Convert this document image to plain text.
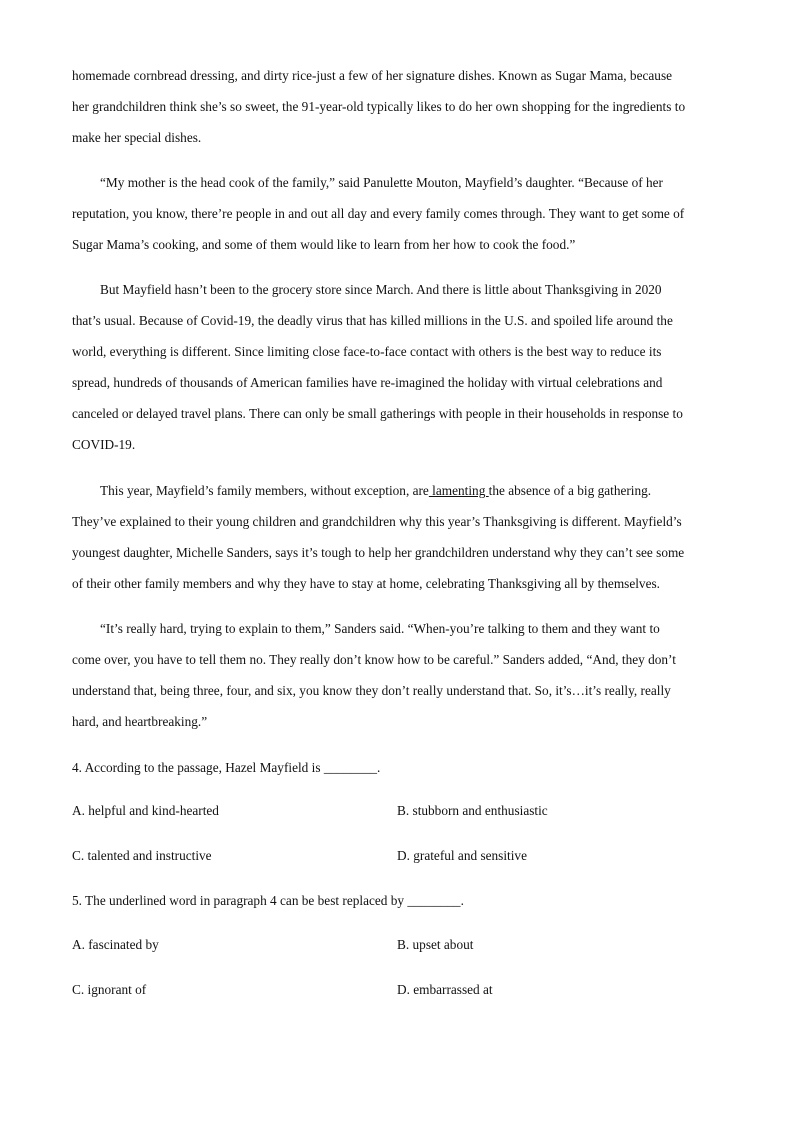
homemade cornbread dressing, and dirty rice-just a few of her signature dishes. Known as Sugar Mama, because
her grandchildren think she’s so sweet, the 91-year-old typically likes to do her own shopping for the ingredients to
make her special dishes.

“My mother is the head cook of the family,” said Panulette Mouton, Mayfield’s daughter. “Because of her
reputation, you know, there’re people in and out all day and every family comes through. They want to get some of
Sugar Mama’s cooking, and some of them would like to learn from her how to cook the food.”

But Mayfield hasn’t been to the grocery store since March. And there is little about Thanksgiving in 2020
that’s usual. Because of Covid-19, the deadly virus that has killed millions in the U.S. and spoiled life around the
world, everything is different. Since limiting close face-to-face contact with others is the best way to reduce its
spread, hundreds of thousands of American families have re-imagined the holiday with virtual celebrations and
canceled or delayed travel plans. There can only be small gatherings with people in their households in response to
COVID-19.

This year, Mayfield’s family members, without exception, are lamenting the absence of a big gathering.
They’ve explained to their young children and grandchildren why this year’s Thanksgiving is different. Mayfield’s
youngest daughter, Michelle Sanders, says it’s tough to help her grandchildren understand why they can’t see some
of their other family members and why they have to stay at home, celebrating Thanksgiving all by themselves.

“It’s really hard, trying to explain to them,” Sanders said. “When-you’re talking to them and they want to
come over, you have to tell them no. They really don’t know how to be careful.” Sanders added, “And, they don’t
understand that, being three, four, and six, you know they don’t really understand that. So, it’s…it’s really, really
hard, and heartbreaking.”

4. According to the passage, Hazel Mayfield is ________.

A. helpful and kind-hearted	B. stubborn and enthusiastic

C. talented and instructive	D. grateful and sensitive

5. The underlined word in paragraph 4 can be best replaced by ________.

A. fascinated by	B. upset about

C. ignorant of	D. embarrassed at
